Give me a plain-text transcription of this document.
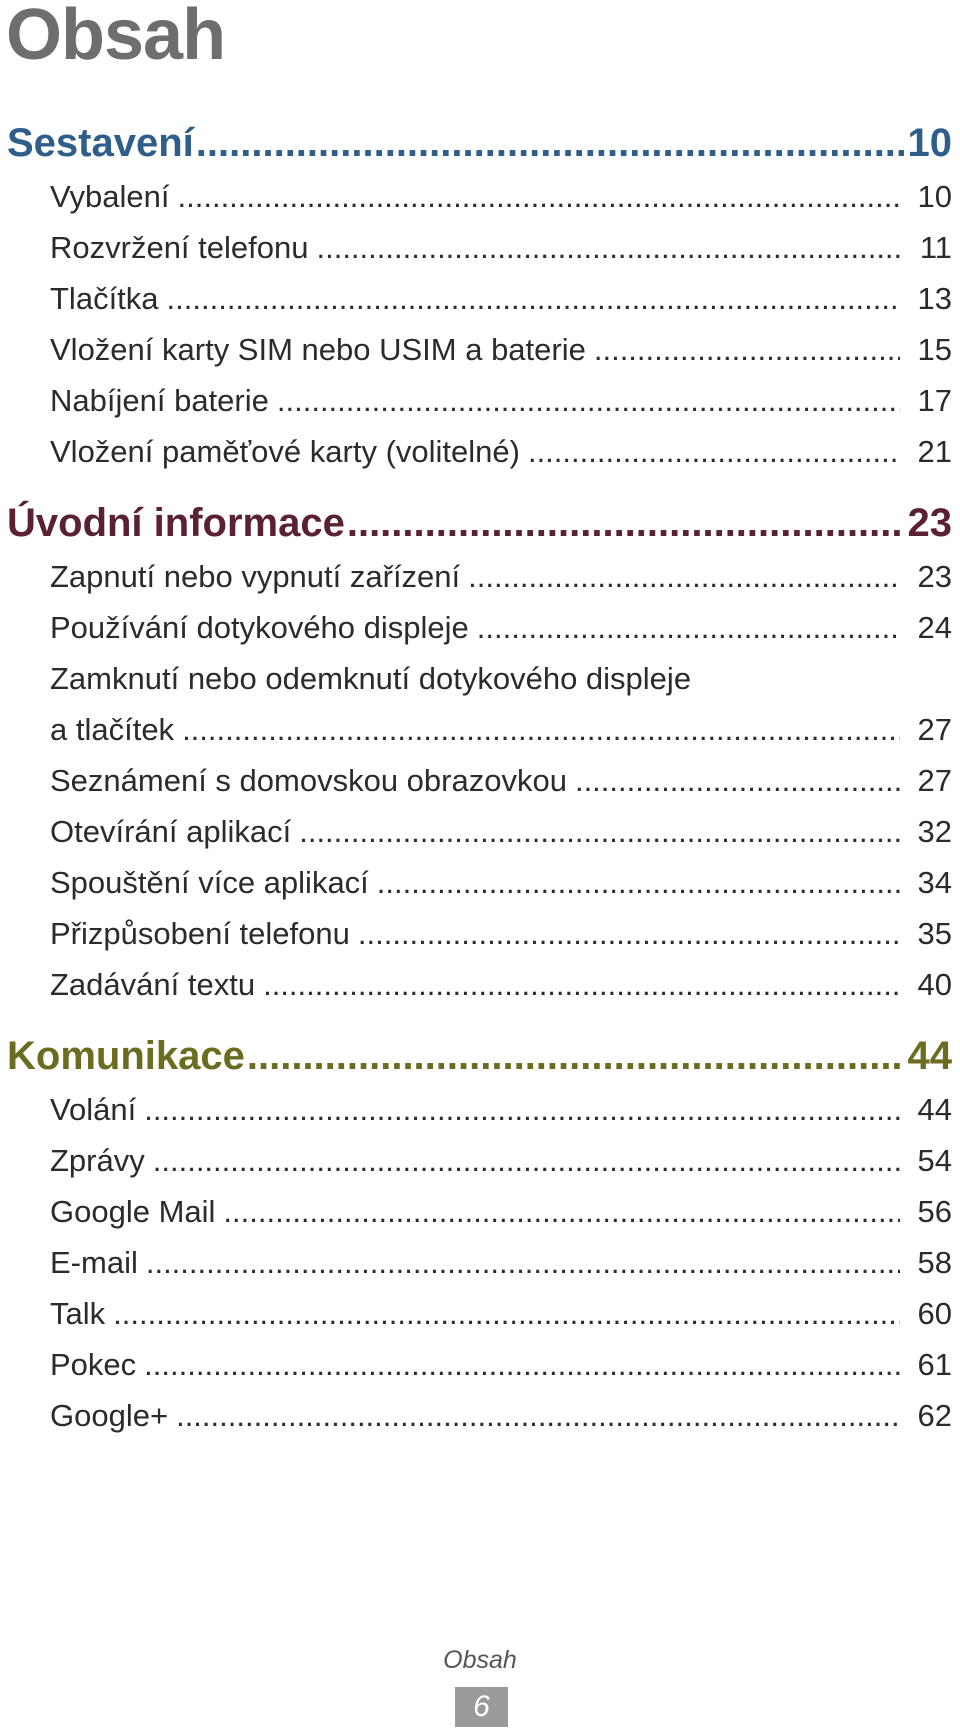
Obsah
Sestavení .....	10
Vybalení .....	10
Rozvržení telefonu .....	11
Tlačítka .....	13
Vložení karty SIM nebo USIM a baterie .....	15
Nabíjení baterie .....	17
Vložení paměťové karty (volitelné) .....	21
Úvodní informace .....	23
Zapnutí nebo vypnutí zařízení .....	23
Používání dotykového displeje .....	24
Zamknutí nebo odemknutí dotykového displeje
a tlačítek .....	27
Seznámení s domovskou obrazovkou .....	27
Otevírání aplikací .....	32
Spouštění více aplikací .....	34
Přizpůsobení telefonu .....	35
Zadávání textu .....	40
Komunikace .....	44
Volání .....	44
Zprávy .....	54
Google Mail .....	56
E-mail .....	58
Talk .....	60
Pokec .....	61
Google+ .....	62
Obsah
6
